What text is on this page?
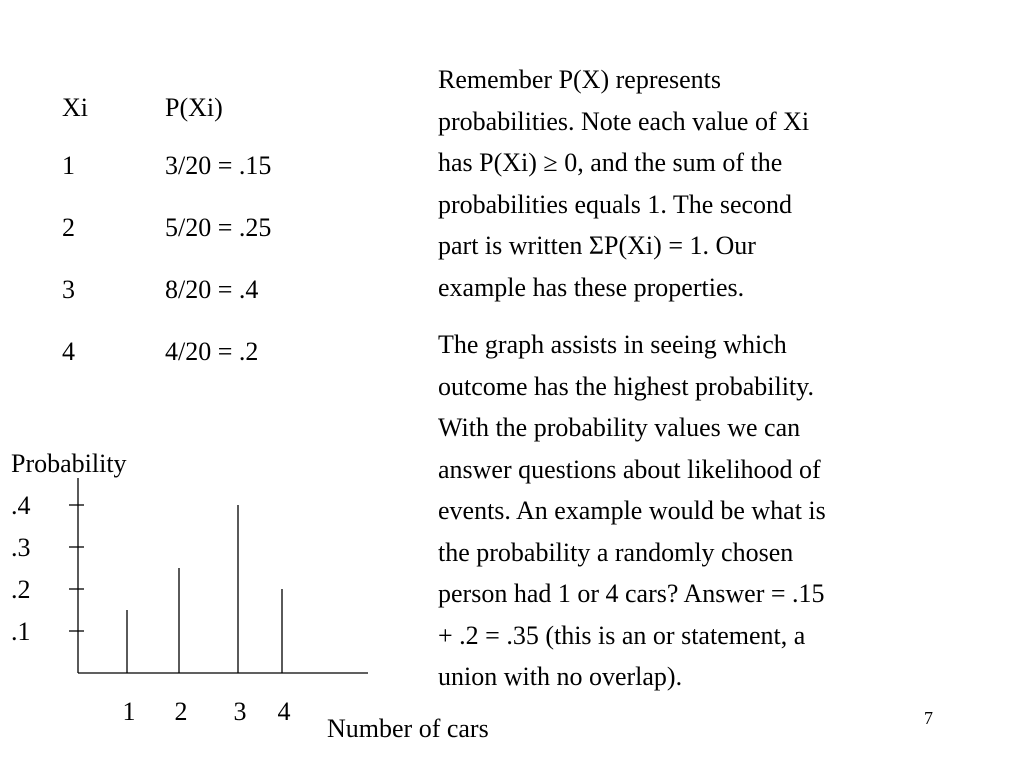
Xi	P(Xi)
1	3/20 = .15
2	5/20 = .25
3	8/20 = .4
4	4/20 = .2
Remember P(X) represents
probabilities. Note each value of Xi
has P(Xi) ≥ 0, and the sum of the
probabilities equals 1. The second
part is written ΣP(Xi) = 1. Our
example has these properties.
The graph assists in seeing which
outcome has the highest probability.
With the probability values we can
answer questions about likelihood of
events. An example would be what is
the probability a randomly chosen
person had 1 or 4 cars? Answer = .15
+ .2 = .35 (this is an or statement, a
union with no overlap).
7
.1
.2
.3
.4
1 2 3 4
Probability
Number of cars
